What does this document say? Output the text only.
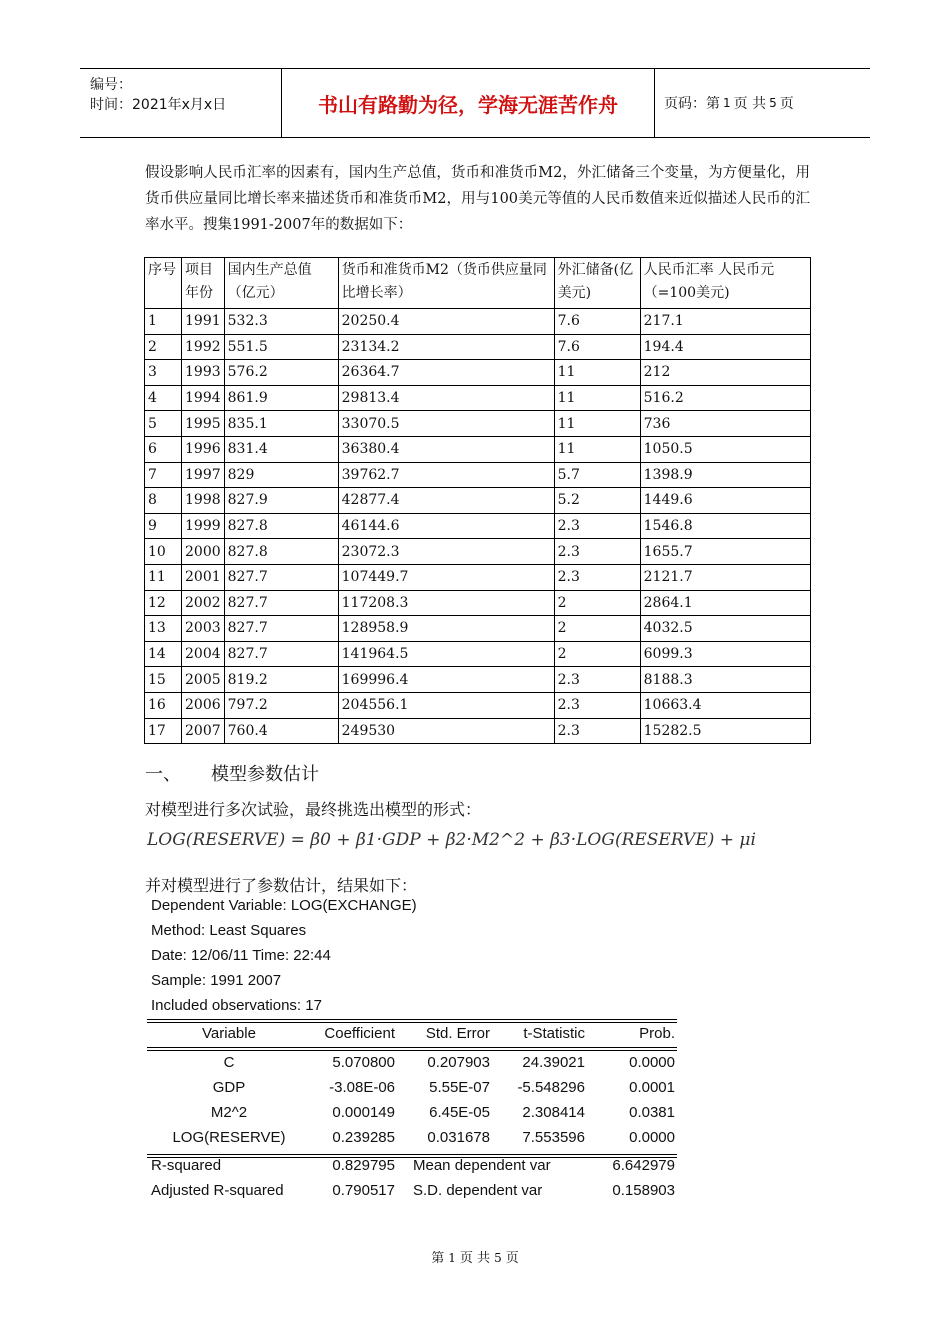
编号：
时间：2021年x月x日	书山有路勤为径，学海无涯苦作舟	页码：第 1 页 共 5 页
假设影响人民币汇率的因素有，国内生产总值，货币和准货币M2，外汇储备三个变量，为方便量化，用货币供应量同比增长率来描述货币和准货币M2，用与100美元等值的人民币数值来近似描述人民币的汇率水平。搜集1991-2007年的数据如下：
序号	项目年份	国内生产总值（亿元）	货币和准货币M2（货币供应量同比增长率）	外汇储备(亿美元)	人民币汇率 人民币元（=100美元)
1	1991	532.3	20250.4	7.6	217.1
2	1992	551.5	23134.2	7.6	194.4
3	1993	576.2	26364.7	11	212
4	1994	861.9	29813.4	11	516.2
5	1995	835.1	33070.5	11	736
6	1996	831.4	36380.4	11	1050.5
7	1997	829	39762.7	5.7	1398.9
8	1998	827.9	42877.4	5.2	1449.6
9	1999	827.8	46144.6	2.3	1546.8
10	2000	827.8	23072.3	2.3	1655.7
11	2001	827.7	107449.7	2.3	2121.7
12	2002	827.7	117208.3	2	2864.1
13	2003	827.7	128958.9	2	4032.5
14	2004	827.7	141964.5	2	6099.3
15	2005	819.2	169996.4	2.3	8188.3
16	2006	797.2	204556.1	2.3	10663.4
17	2007	760.4	249530	2.3	15282.5
一、 模型参数估计
对模型进行多次试验，最终挑选出模型的形式：
LOG(RESERVE) = β0 + β1·GDP + β2·M2^2 + β3·LOG(RESERVE) + μi
并对模型进行了参数估计，结果如下：
Dependent Variable: LOG(EXCHANGE)
Method: Least Squares
Date: 12/06/11 Time: 22:44
Sample: 1991 2007
Included observations: 17
Variable	Coefficient Std. Error t-Statistic	Prob.
C	5.070800 0.207903 24.39021	0.0000
GDP	-3.08E-06 5.55E-07 -5.548296	0.0001
M2^2	0.000149 6.45E-05 2.308414	0.0381
LOG(RESERVE)	0.239285 0.031678 7.553596	0.0000
R-squared	0.829795 Mean dependent var	6.642979
Adjusted R-squared	0.790517 S.D. dependent var	0.158903
第 1 页 共 5 页
